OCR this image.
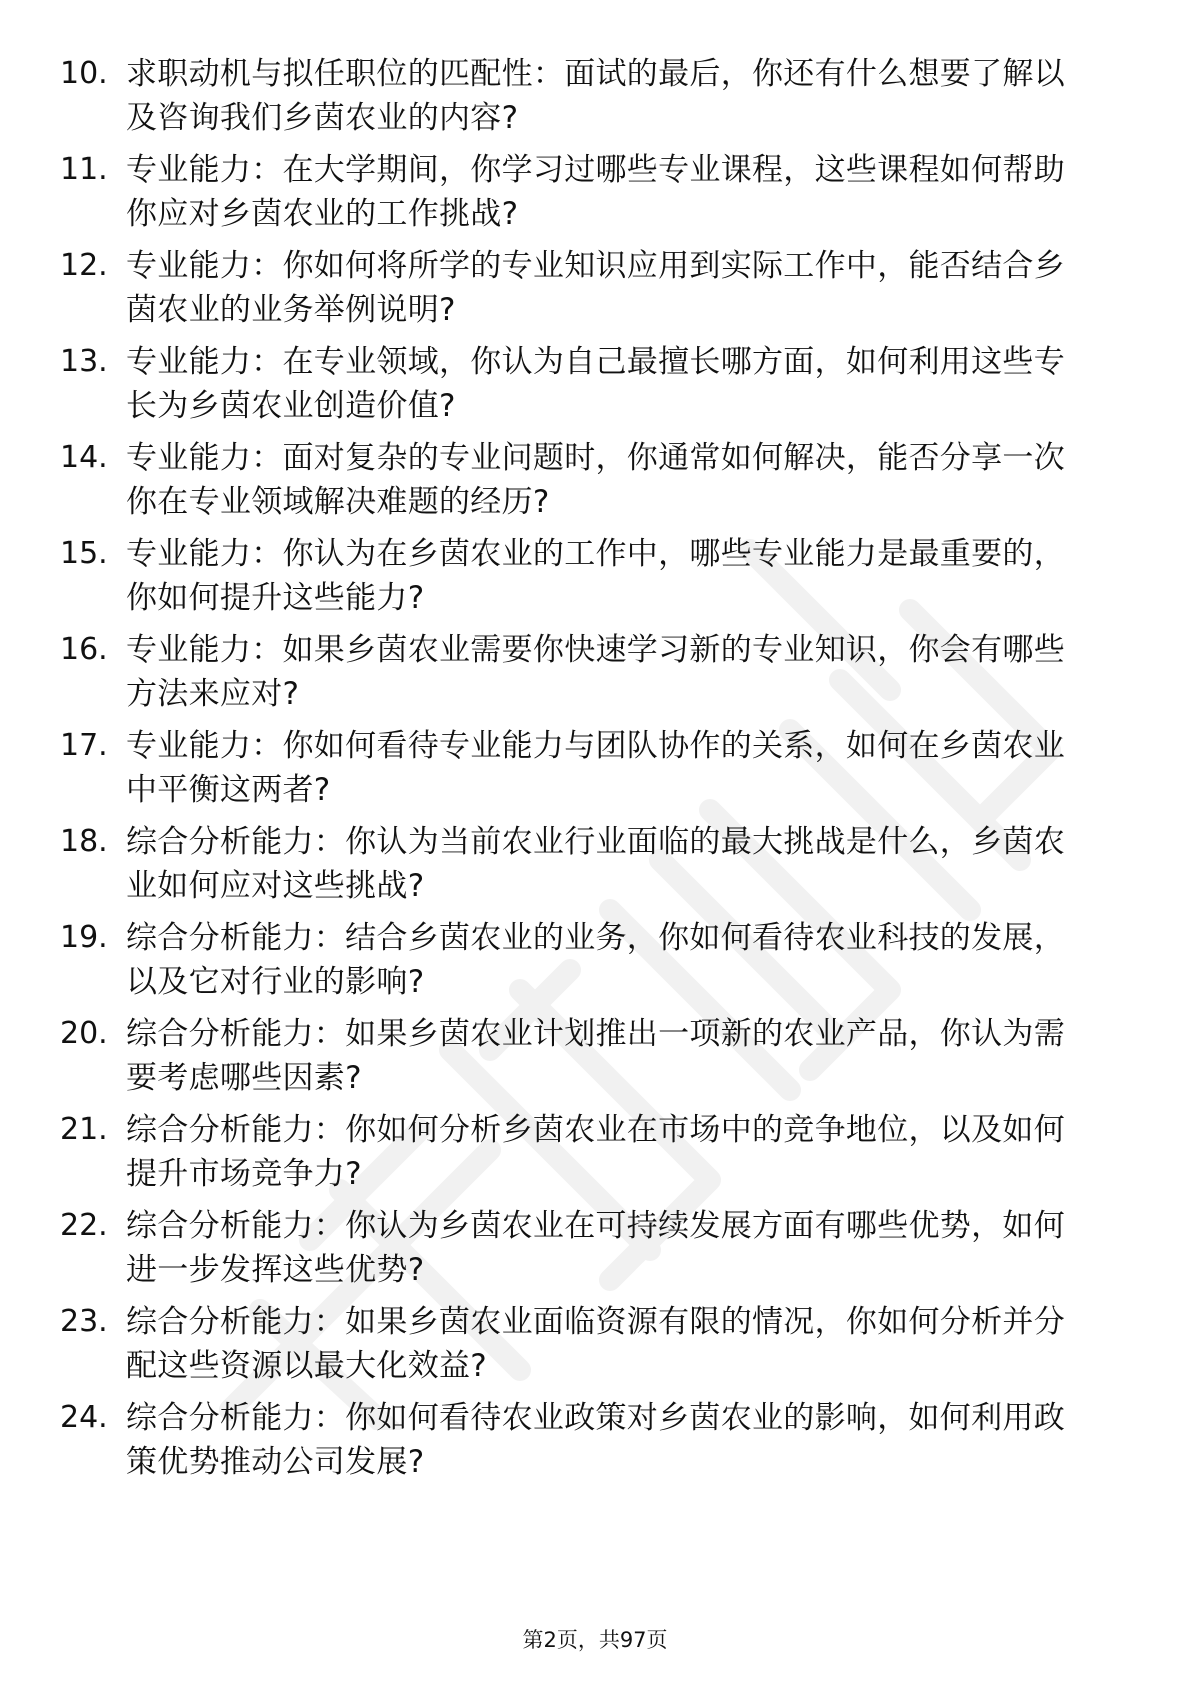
10. 求职动机与拟任职位的匹配性：面试的最后，你还有什么想要了解以及咨询我们乡茵农业的内容?
11. 专业能力：在大学期间，你学习过哪些专业课程，这些课程如何帮助你应对乡茵农业的工作挑战?
12. 专业能力：你如何将所学的专业知识应用到实际工作中，能否结合乡茵农业的业务举例说明?
13. 专业能力：在专业领域，你认为自己最擅长哪方面，如何利用这些专长为乡茵农业创造价值?
14. 专业能力：面对复杂的专业问题时，你通常如何解决，能否分享一次你在专业领域解决难题的经历?
15. 专业能力：你认为在乡茵农业的工作中，哪些专业能力是最重要的，你如何提升这些能力?
16. 专业能力：如果乡茵农业需要你快速学习新的专业知识，你会有哪些方法来应对?
17. 专业能力：你如何看待专业能力与团队协作的关系，如何在乡茵农业中平衡这两者?
18. 综合分析能力：你认为当前农业行业面临的最大挑战是什么，乡茵农业如何应对这些挑战?
19. 综合分析能力：结合乡茵农业的业务，你如何看待农业科技的发展，以及它对行业的影响?
20. 综合分析能力：如果乡茵农业计划推出一项新的农业产品，你认为需要考虑哪些因素?
21. 综合分析能力：你如何分析乡茵农业在市场中的竞争地位，以及如何提升市场竞争力?
22. 综合分析能力：你认为乡茵农业在可持续发展方面有哪些优势，如何进一步发挥这些优势?
23. 综合分析能力：如果乡茵农业面临资源有限的情况，你如何分析并分配这些资源以最大化效益?
24. 综合分析能力：你如何看待农业政策对乡茵农业的影响，如何利用政策优势推动公司发展?
第2页，共97页
